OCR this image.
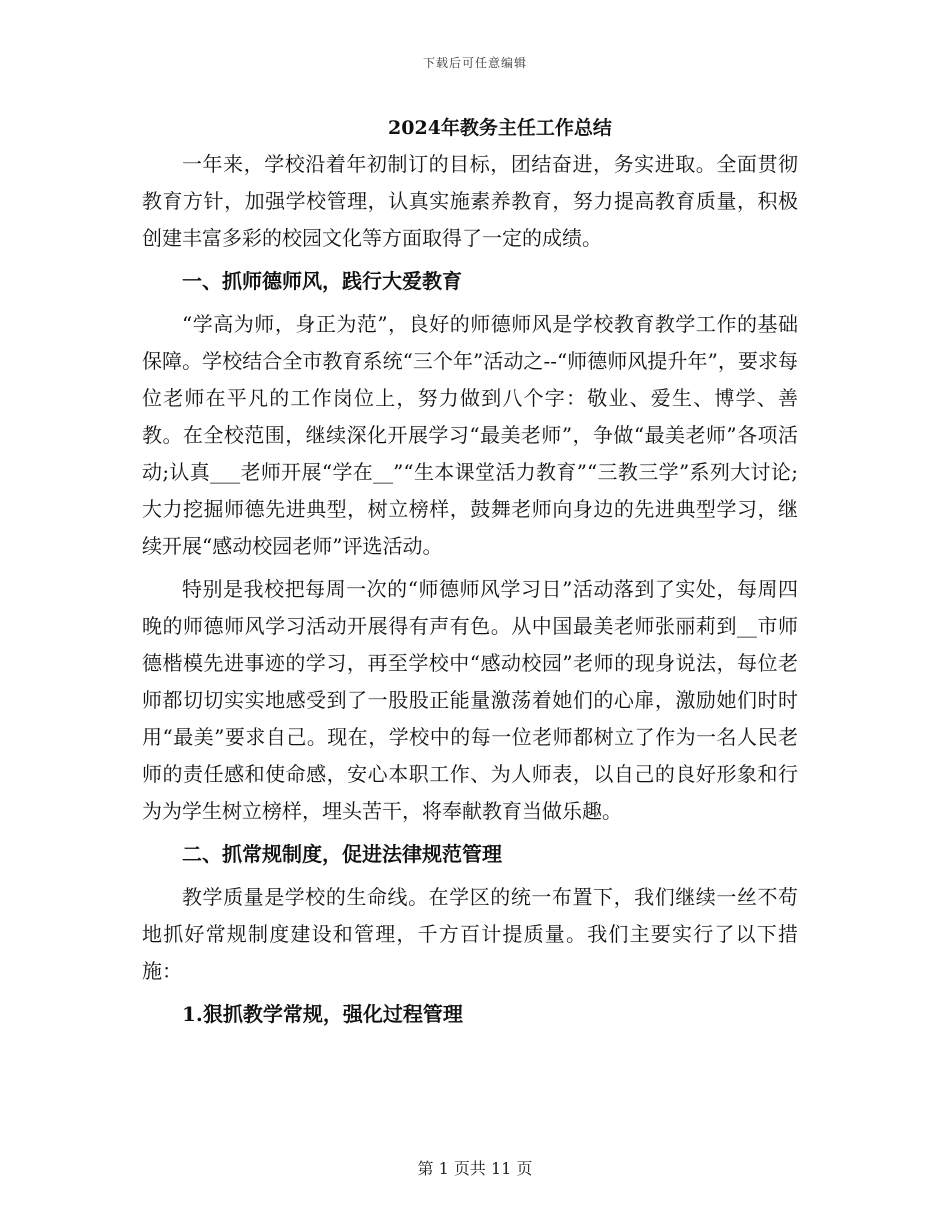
下载后可任意编辑
2024年教务主任工作总结

一年来，学校沿着年初制订的目标，团结奋进，务实进取。全面贯彻教育方针，加强学校管理，认真实施素养教育，努力提高教育质量，积极创建丰富多彩的校园文化等方面取得了一定的成绩。

一、抓师德师风，践行大爱教育

“学高为师，身正为范”，良好的师德师风是学校教育教学工作的基础保障。学校结合全市教育系统“三个年”活动之--“师德师风提升年”，要求每位老师在平凡的工作岗位上，努力做到八个字：敬业、爱生、博学、善教。在全校范围，继续深化开展学习“最美老师”，争做“最美老师”各项活动;认真___老师开展“学在__”“生本课堂活力教育”“三教三学”系列大讨论;大力挖掘师德先进典型，树立榜样，鼓舞老师向身边的先进典型学习，继续开展“感动校园老师”评选活动。

特别是我校把每周一次的“师德师风学习日”活动落到了实处，每周四晚的师德师风学习活动开展得有声有色。从中国最美老师张丽莉到__市师德楷模先进事迹的学习，再至学校中“感动校园”老师的现身说法，每位老师都切切实实地感受到了一股股正能量激荡着她们的心扉，激励她们时时用“最美”要求自己。现在，学校中的每一位老师都树立了作为一名人民老师的责任感和使命感，安心本职工作、为人师表，以自己的良好形象和行为为学生树立榜样，埋头苦干，将奉献教育当做乐趣。

二、抓常规制度，促进法律规范管理

教学质量是学校的生命线。在学区的统一布置下，我们继续一丝不苟地抓好常规制度建设和管理，千方百计提质量。我们主要实行了以下措施：

1.狠抓教学常规，强化过程管理

第 1 页共 11 页
